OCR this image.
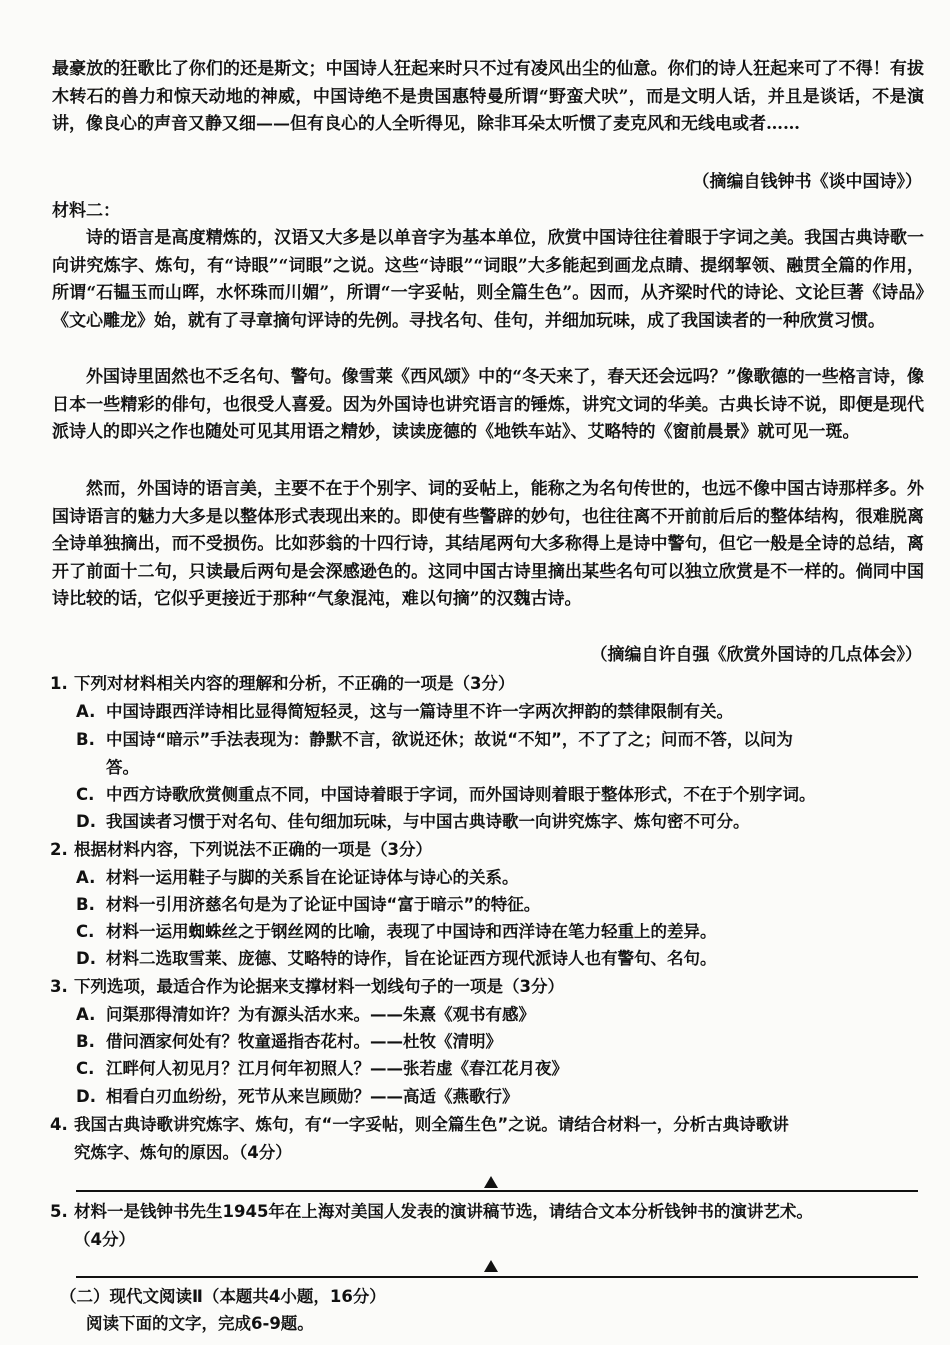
最豪放的狂歌比了你们的还是斯文；中国诗人狂起来时只不过有凌风出尘的仙意。你们的诗人狂起来可了不得！有拔木转石的兽力和惊天动地的神威，中国诗绝不是贵国惠特曼所谓“野蛮犬吠”，而是文明人话，并且是谈话，不是演讲，像良心的声音又静又细——但有良心的人全听得见，除非耳朵太听惯了麦克风和无线电或者……
（摘编自钱钟书《谈中国诗》）
材料二：
诗的语言是高度精炼的，汉语又大多是以单音字为基本单位，欣赏中国诗往往着眼于字词之美。我国古典诗歌一向讲究炼字、炼句，有“诗眼”“词眼”之说。这些“诗眼”“词眼”大多能起到画龙点睛、提纲挈领、融贯全篇的作用，所谓“石韫玉而山晖，水怀珠而川媚”，所谓“一字妥帖，则全篇生色”。因而，从齐梁时代的诗论、文论巨著《诗品》《文心雕龙》始，就有了寻章摘句评诗的先例。寻找名句、佳句，并细加玩味，成了我国读者的一种欣赏习惯。
外国诗里固然也不乏名句、警句。像雪莱《西风颂》中的“冬天来了，春天还会远吗？”像歌德的一些格言诗，像日本一些精彩的俳句，也很受人喜爱。因为外国诗也讲究语言的锤炼，讲究文词的华美。古典长诗不说，即便是现代派诗人的即兴之作也随处可见其用语之精妙，读读庞德的《地铁车站》、艾略特的《窗前晨景》就可见一斑。
然而，外国诗的语言美，主要不在于个别字、词的妥帖上，能称之为名句传世的，也远不像中国古诗那样多。外国诗语言的魅力大多是以整体形式表现出来的。即使有些警辟的妙句，也往往离不开前前后后的整体结构，很难脱离全诗单独摘出，而不受损伤。比如莎翁的十四行诗，其结尾两句大多称得上是诗中警句，但它一般是全诗的总结，离开了前面十二句，只读最后两句是会深感逊色的。这同中国古诗里摘出某些名句可以独立欣赏是不一样的。倘同中国诗比较的话，它似乎更接近于那种“气象混沌，难以句摘”的汉魏古诗。
（摘编自许自强《欣赏外国诗的几点体会》）
1. 下列对材料相关内容的理解和分析，不正确的一项是（3分）
A. 中国诗跟西洋诗相比显得简短轻灵，这与一篇诗里不许一字两次押韵的禁律限制有关。
B. 中国诗“暗示”手法表现为：静默不言，欲说还休；故说“不知”，不了了之；问而不答，以问为
答。
C. 中西方诗歌欣赏侧重点不同，中国诗着眼于字词，而外国诗则着眼于整体形式，不在于个别字词。
D. 我国读者习惯于对名句、佳句细加玩味，与中国古典诗歌一向讲究炼字、炼句密不可分。
2. 根据材料内容，下列说法不正确的一项是（3分）
A. 材料一运用鞋子与脚的关系旨在论证诗体与诗心的关系。
B. 材料一引用济慈名句是为了论证中国诗“富于暗示”的特征。
C. 材料一运用蜘蛛丝之于钢丝网的比喻，表现了中国诗和西洋诗在笔力轻重上的差异。
D. 材料二选取雪莱、庞德、艾略特的诗作，旨在论证西方现代派诗人也有警句、名句。
3. 下列选项，最适合作为论据来支撑材料一划线句子的一项是（3分）
A. 问渠那得清如许？为有源头活水来。——朱熹《观书有感》
B. 借问酒家何处有？牧童遥指杏花村。——杜牧《清明》
C. 江畔何人初见月？江月何年初照人？——张若虚《春江花月夜》
D. 相看白刃血纷纷，死节从来岂顾勋？——高适《燕歌行》
4. 我国古典诗歌讲究炼字、炼句，有“一字妥帖，则全篇生色”之说。请结合材料一，分析古典诗歌讲
究炼字、炼句的原因。（4分）
5. 材料一是钱钟书先生1945年在上海对美国人发表的演讲稿节选，请结合文本分析钱钟书的演讲艺术。
（4分）
（二）现代文阅读Ⅱ（本题共4小题，16分）
阅读下面的文字，完成6-9题。
